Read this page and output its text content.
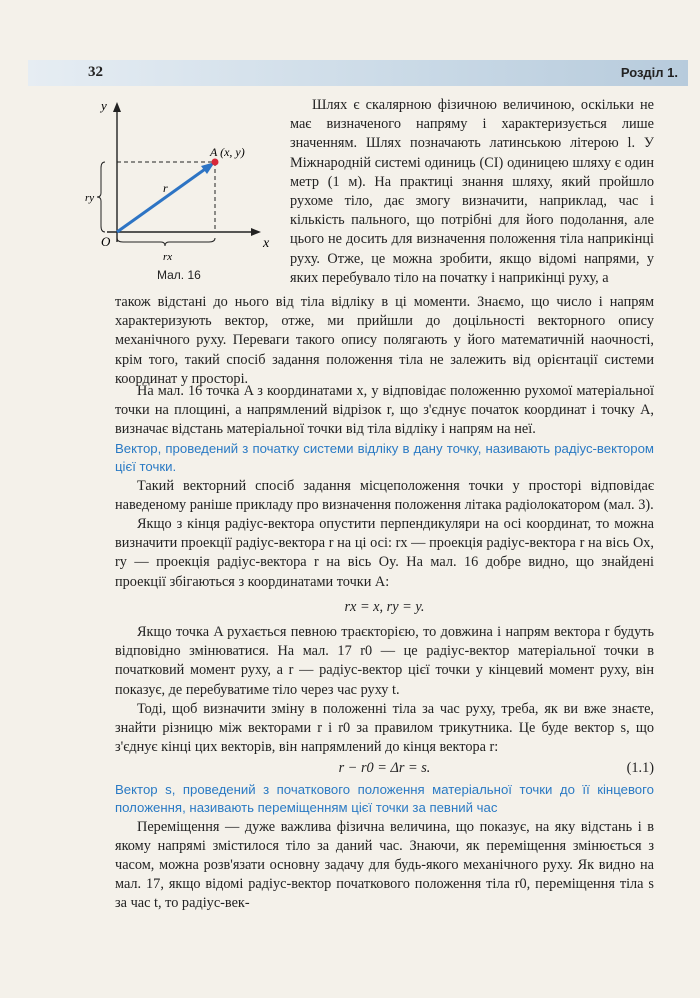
32	Розділ 1.
y
x
O
A (x, y)
r
ry
rx
Мал. 16
Шлях є скалярною фізичною величиною, оскільки не має визначеного напряму і характеризується лише значенням. Шлях позначають латинською літерою l. У Міжнародній системі одиниць (СІ) одиницею шляху є один метр (1 м). На практиці знання шляху, який пройшло рухоме тіло, дає змогу визначити, наприклад, час і кількість пального, що потрібні для його подолання, але цього не досить для визначення положення тіла наприкінці руху. Отже, це можна зробити, якщо відомі напрями, у яких перебувало тіло на початку і наприкінці руху, а
також відстані до нього від тіла відліку в ці моменти. Знаємо, що число і напрям характеризують вектор, отже, ми прийшли до доцільності векторного опису механічного руху. Переваги такого опису полягають у його математичній наочності, крім того, такий спосіб задання положення тіла не залежить від орієнтації системи координат у просторі.

На мал. 16 точка A з координатами x, y відповідає положенню рухомої матеріальної точки на площині, а напрямлений відрізок r, що з'єднує початок координат і точку A, визначає відстань матеріальної точки від тіла відліку і напрям на неї.

Вектор, проведений з початку системи відліку в дану точку, називають радіус-вектором цієї точки.

Такий векторний спосіб задання місцеположення точки у просторі відповідає наведеному раніше прикладу про визначення положення літака радіолокатором (мал. 3).

Якщо з кінця радіус-вектора опустити перпендикуляри на осі координат, то можна визначити проекції радіус-вектора r на ці осі: rx — проекція радіус-вектора r на вісь Ox, ry — проекція радіус-вектора r на вісь Oy. На мал. 16 добре видно, що знайдені проекції збігаються з координатами точки A:

rx = x, ry = y.

Якщо точка A рухається певною траєкторією, то довжина і напрям вектора r будуть відповідно змінюватися. На мал. 17 r0 — це радіус-вектор матеріальної точки в початковий момент руху, а r — радіус-вектор цієї точки у кінцевий момент руху, він показує, де перебуватиме тіло через час руху t.

Тоді, щоб визначити зміну в положенні тіла за час руху, треба, як ви вже знаєте, знайти різницю між векторами r і r0 за правилом трикутника. Це буде вектор s, що з'єднує кінці цих векторів, він напрямлений до кінця вектора r:

r − r0 = Δr = s.	(1.1)

Вектор s, проведений з початкового положення матеріальної точки до її кінцевого положення, називають переміщенням цієї точки за певний час

Переміщення — дуже важлива фізична величина, що показує, на яку відстань і в якому напрямі змістилося тіло за даний час. Знаючи, як переміщення змінюється з часом, можна розв'язати основну задачу для будь-якого механічного руху. Як видно на мал. 17, якщо відомі радіус-вектор початкового положення тіла r0, переміщення тіла s за час t, то радіус-век-
